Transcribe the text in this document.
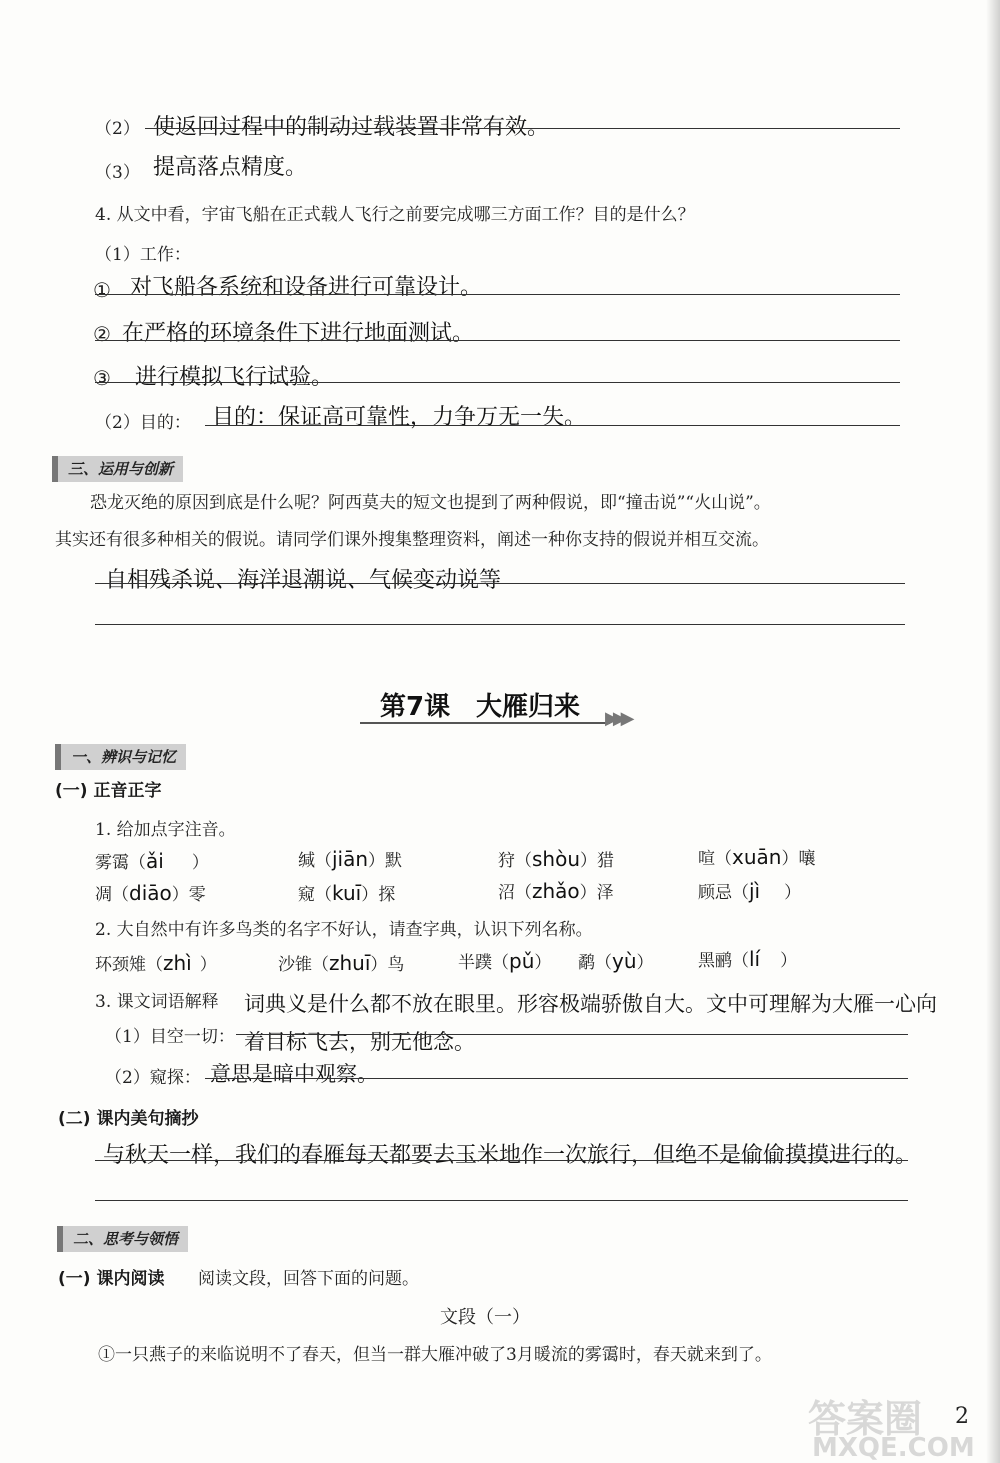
（2） 使返回过程中的制动过载装置非常有效。
（3） 提高落点精度。
4. 从文中看，宇宙飞船在正式载人飞行之前要完成哪三方面工作？目的是什么？
（1）工作：
① 对飞船各系统和设备进行可靠设计。
② 在严格的环境条件下进行地面测试。
③ 进行模拟飞行试验。
（2）目的： 目的：保证高可靠性，力争万无一失。
三、运用与创新
恐龙灭绝的原因到底是什么呢？阿西莫夫的短文也提到了两种假说，即“撞击说”“火山说”。
其实还有很多种相关的假说。请同学们课外搜集整理资料，阐述一种你支持的假说并相互交流。
自相残杀说、海洋退潮说、气候变动说等
第7课 大雁归来 ▶▶▶
一、辨识与记忆
(一) 正音正字
1. 给加点字注音。
雾霭（ǎi ）	缄（jiān）默	狩（shòu）猎	喧（xuān）嚷
凋（diāo）零	窥（kuī）探	沼（zhǎo）泽	顾忌（jì ）
2. 大自然中有许多鸟类的名字不好认，请查字典，认识下列名称。
环颈雉（zhì ）	沙锥（zhuī）鸟	半蹼（pǔ） 鹬（yù）	黑鹂（lí ）
3. 课文词语解释 词典义是什么都不放在眼里。形容极端骄傲自大。文中可理解为大雁一心向
（1）目空一切： 着目标飞去，别无他念。
（2）窥探： 意思是暗中观察。
(二) 课内美句摘抄
与秋天一样，我们的春雁每天都要去玉米地作一次旅行，但绝不是偷偷摸摸进行的。
二、思考与领悟
(一) 课内阅读 阅读文段，回答下面的问题。
文段（一）
①一只燕子的来临说明不了春天，但当一群大雁冲破了3月暖流的雾霭时，春天就来到了。
2
答案圈
MXQE.COM
